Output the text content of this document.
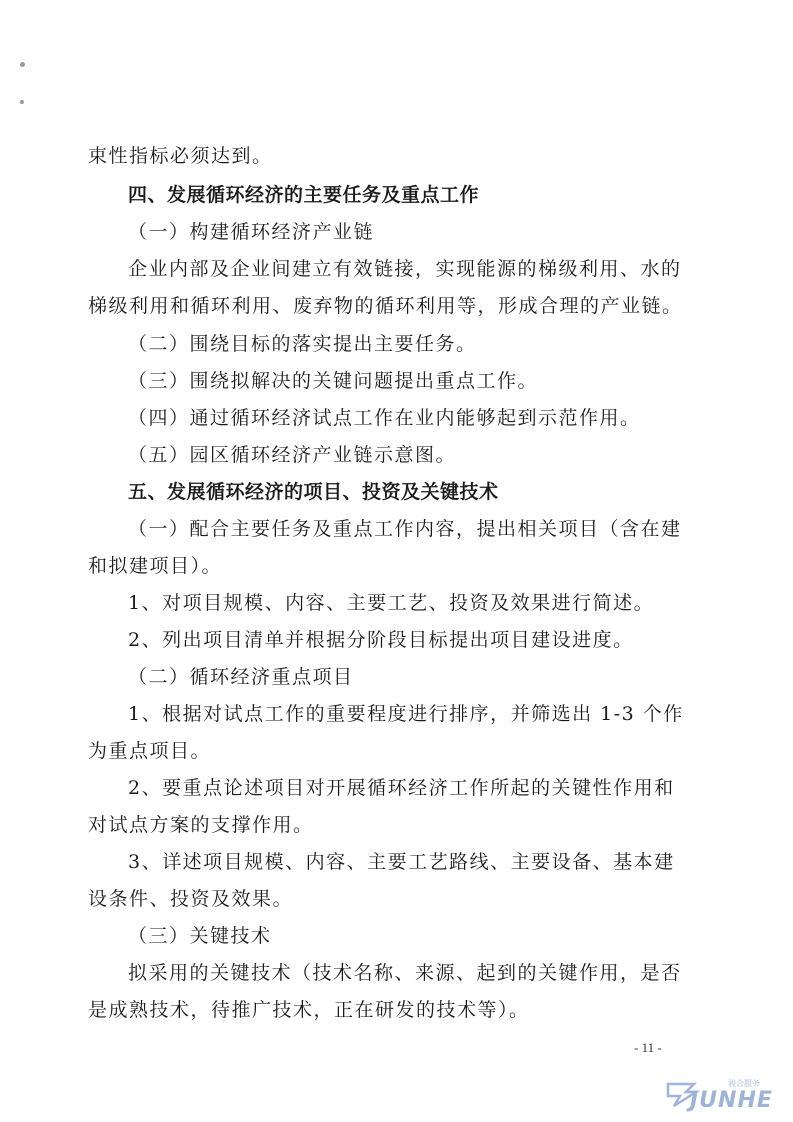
束性指标必须达到。
四、发展循环经济的主要任务及重点工作
（一）构建循环经济产业链
企业内部及企业间建立有效链接，实现能源的梯级利用、水的
梯级利用和循环利用、废弃物的循环利用等，形成合理的产业链。
（二）围绕目标的落实提出主要任务。
（三）围绕拟解决的关键问题提出重点工作。
（四）通过循环经济试点工作在业内能够起到示范作用。
（五）园区循环经济产业链示意图。
五、发展循环经济的项目、投资及关键技术
（一）配合主要任务及重点工作内容，提出相关项目（含在建
和拟建项目）。
1、对项目规模、内容、主要工艺、投资及效果进行简述。
2、列出项目清单并根据分阶段目标提出项目建设进度。
（二）循环经济重点项目
1、根据对试点工作的重要程度进行排序，并筛选出 1-3 个作
为重点项目。
2、要重点论述项目对开展循环经济工作所起的关键性作用和
对试点方案的支撑作用。
3、详述项目规模、内容、主要工艺路线、主要设备、基本建
设条件、投资及效果。
（三）关键技术
拟采用的关键技术（技术名称、来源、起到的关键作用，是否
是成熟技术，待推广技术，正在研发的技术等）。
- 11 -
骏合服务
JUNHE
